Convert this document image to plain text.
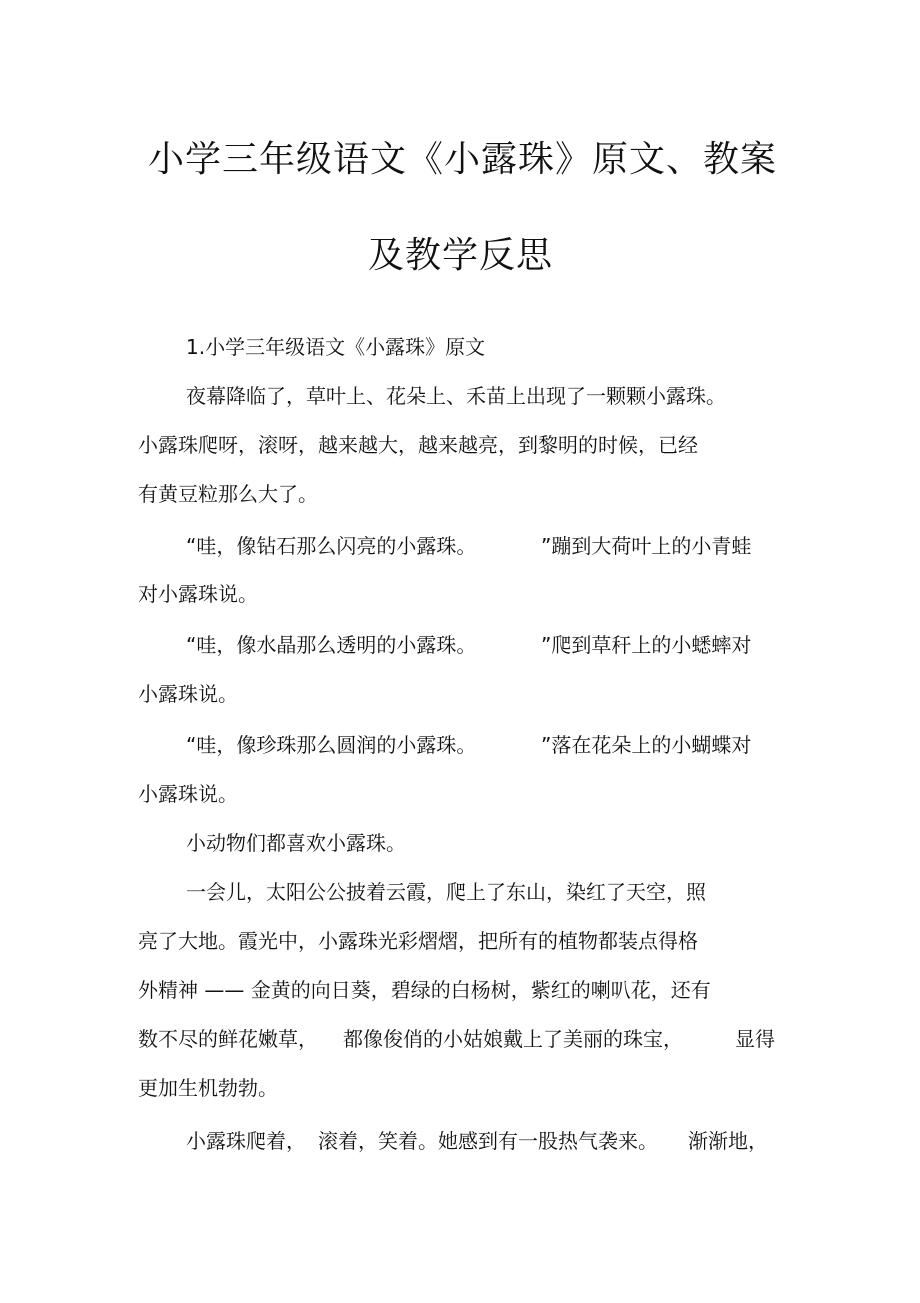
小学三年级语文《小露珠》原文、教案
及教学反思
1.小学三年级语文《小露珠》原文
夜幕降临了，草叶上、花朵上、禾苗上出现了一颗颗小露珠。
小露珠爬呀，滚呀，越来越大，越来越亮，到黎明的时候，已经
有黄豆粒那么大了。
“哇，像钻石那么闪亮的小露珠。	”蹦到大荷叶上的小青蛙
对小露珠说。
“哇，像水晶那么透明的小露珠。	”爬到草秆上的小蟋蟀对
小露珠说。
“哇，像珍珠那么圆润的小露珠。	”落在花朵上的小蝴蝶对
小露珠说。
小动物们都喜欢小露珠。
一会儿，太阳公公披着云霞，爬上了东山，染红了天空，照
亮了大地。霞光中，小露珠光彩熠熠，把所有的植物都装点得格
外精神 —— 金黄的向日葵，碧绿的白杨树，紫红的喇叭花，还有
数不尽的鲜花嫩草， 都像俊俏的小姑娘戴上了美丽的珠宝，	显得
更加生机勃勃。
小露珠爬着， 滚着，笑着。她感到有一股热气袭来。 渐渐地，
